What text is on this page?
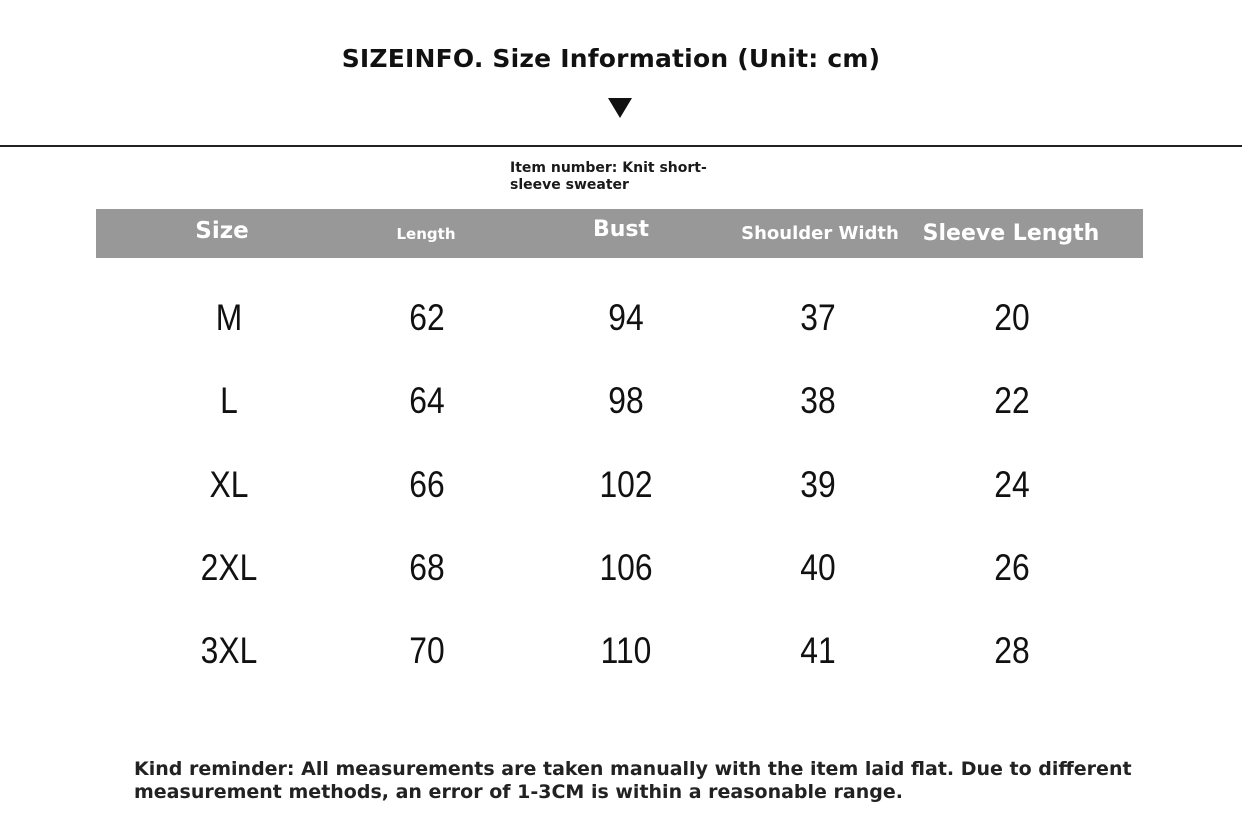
SIZEINFO. Size Information (Unit: cm)
Item number: Knit short-sleeve sweater
Size	Length	Bust	Shoulder Width	Sleeve Length
M	62	94	37	20
L	64	98	38	22
XL	66	102	39	24
2XL	68	106	40	26
3XL	70	110	41	28
Kind reminder: All measurements are taken manually with the item laid flat. Due to different measurement methods, an error of 1-3CM is within a reasonable range.
